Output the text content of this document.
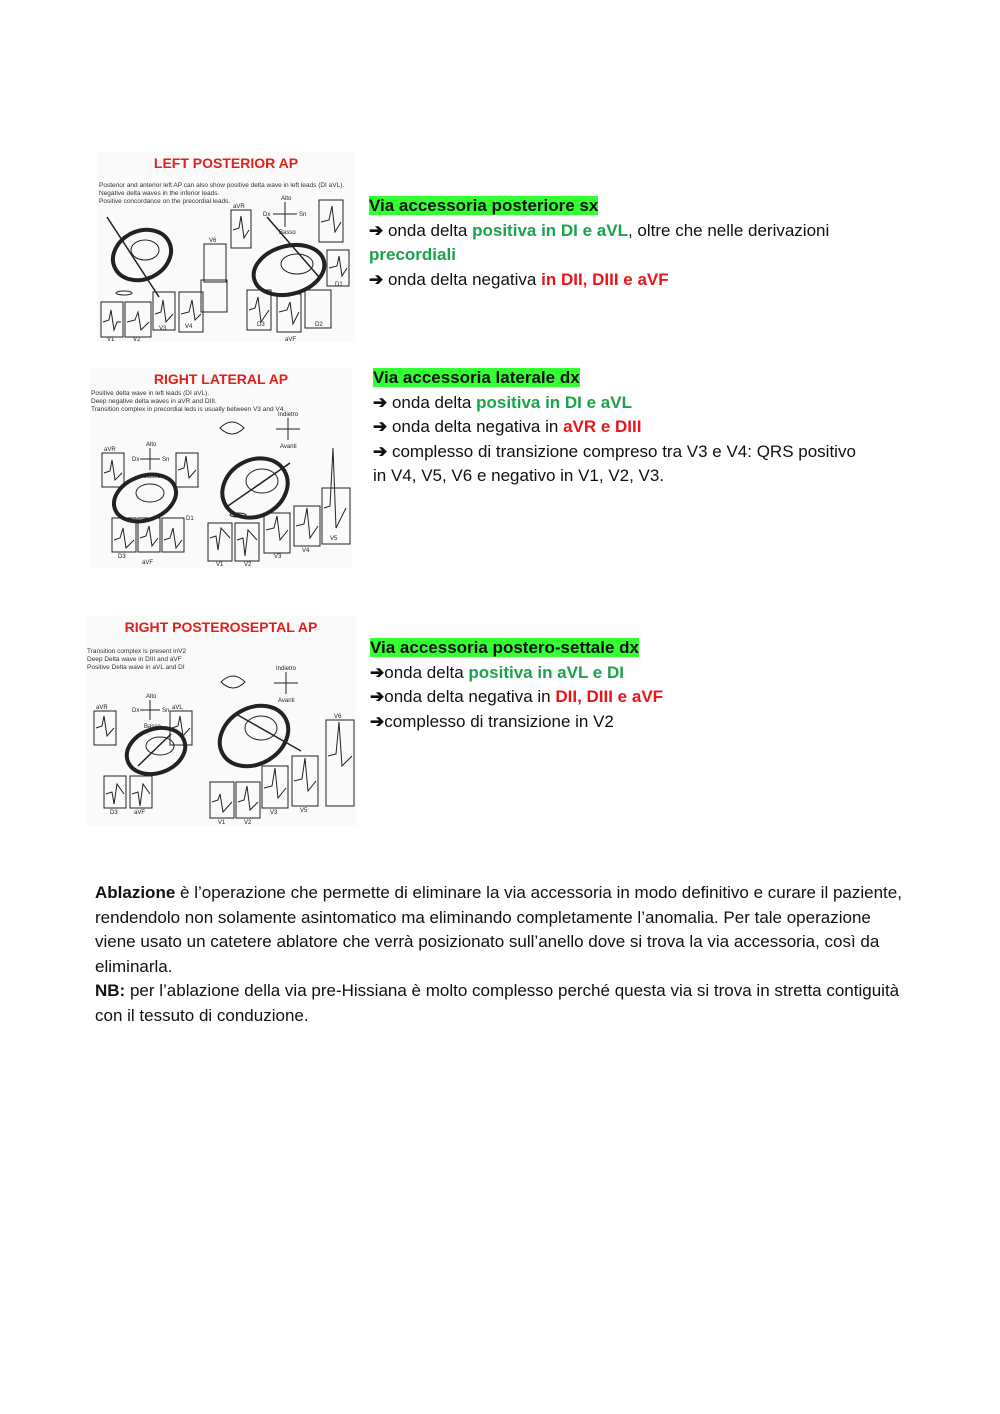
LEFT POSTERIOR AP
Posterior and anterior left AP can also show positive delta wave in left leads (DI aVL).
Negative delta waves in the inferior leads.
Positive concordance on the precordial leads.
aVR
Alto
Dx	Sn
Basso
V6
D1
V1	V2
V3	V4	D3
aVF
D2
Via accessoria posteriore sx
➔ onda delta positiva in DI e aVL, oltre che nelle derivazioni
precordiali
➔ onda delta negativa in DII, DIII e aVF
RIGHT LATERAL AP
Positive delta wave in left leads (DI aVL).
Deep negative delta waves in aVR and DIII.
Transition complex in precordial leds is usually between V3 and V4.
Alto
aVR
Dx	Sn
Basso
Indietro
Avanti
D1
D3
aVF	V1	V2
V3
V4
V5
Via accessoria laterale dx
➔ onda delta positiva in DI e aVL
➔ onda delta negativa in aVR e DIII
➔ complesso di transizione compreso tra V3 e V4: QRS positivo
in V4, V5, V6 e negativo in V1, V2, V3.
RIGHT POSTEROSEPTAL AP
Transition complex is present inV2
Deep Delta wave in DIII and aVF
Positive Delta wave in aVL and DI
Alto
aVR	aVL
Dx	Sn
Basso
Indietro
Avanti
V6
D3	aVF
V1	V2
V3	V5
Via accessoria postero-settale dx
➔onda delta positiva in aVL e DI
➔onda delta negativa in DII, DIII e aVF
➔complesso di transizione in V2
Ablazione è l’operazione che permette di eliminare la via accessoria in modo definitivo e curare il paziente, rendendolo non solamente asintomatico ma eliminando completamente l’anomalia. Per tale operazione viene usato un catetere ablatore che verrà posizionato sull’anello dove si trova la via accessoria, così da eliminarla.
NB: per l’ablazione della via pre-Hissiana è molto complesso perché questa via si trova in stretta contiguità con il tessuto di conduzione.
